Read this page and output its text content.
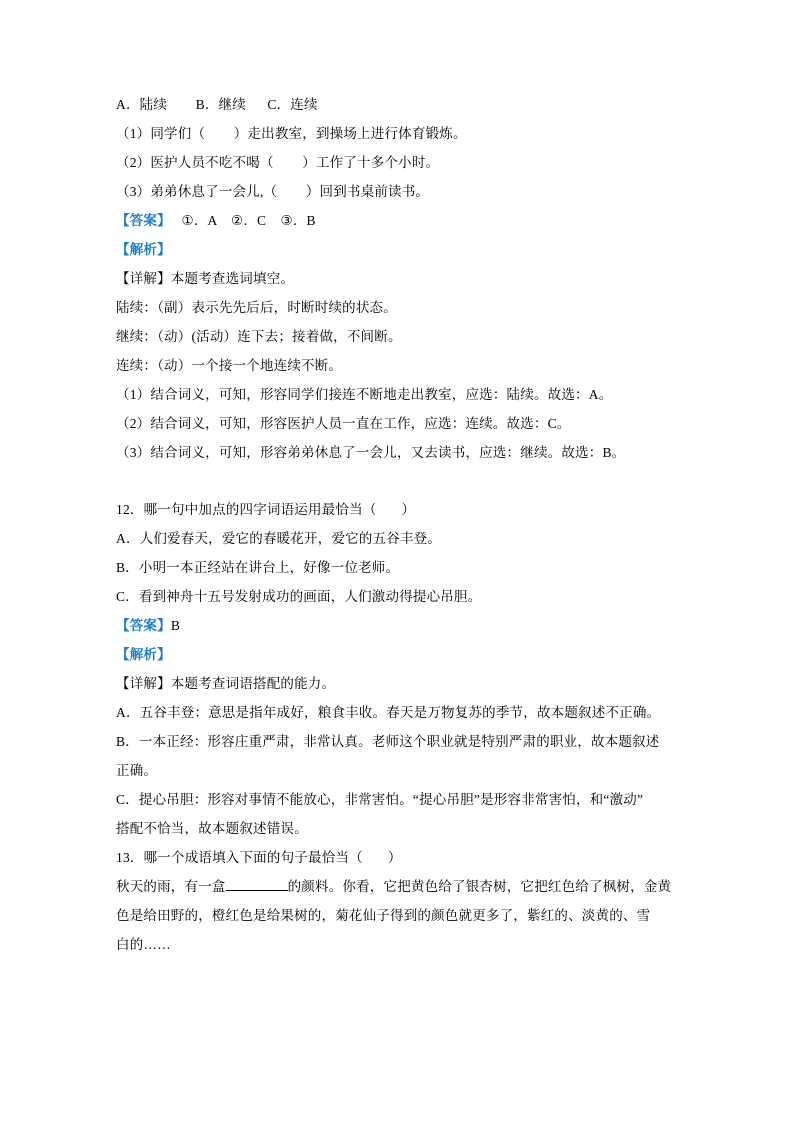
A．陆续        B．继续      C．连续
（1）同学们（        ）走出教室，到操场上进行体育锻炼。
（2）医护人员不吃不喝（        ）工作了十多个小时。
（3）弟弟休息了一会儿,（        ）回到书桌前读书。
【答案】   ①．A    ②．C    ③．B
【解析】
【详解】本题考查选词填空。
陆续：（副）表示先先后后，时断时续的状态。
继续：（动）(活动）连下去；接着做，不间断。
连续：（动）一个接一个地连续不断。
（1）结合词义，可知，形容同学们接连不断地走出教室，应选：陆续。故选：A。
（2）结合词义，可知，形容医护人员一直在工作，应选：连续。故选：C。
（3）结合词义，可知，形容弟弟休息了一会儿，又去读书，应选：继续。故选：B。
12．哪一句中加点的四字词语运用最恰当（       ）
A．人们爱春天，爱它的春暖花开，爱它的五谷丰登。
B．小明一本正经站在讲台上，好像一位老师。
C．看到神舟十五号发射成功的画面，人们激动得提心吊胆。
【答案】B
【解析】
【详解】本题考查词语搭配的能力。
A．五谷丰登：意思是指年成好，粮食丰收。春天是万物复苏的季节，故本题叙述不正确。
B．一本正经：形容庄重严肃，非常认真。老师这个职业就是特别严肃的职业，故本题叙述
正确。
C．提心吊胆：形容对事情不能放心，非常害怕。“提心吊胆”是形容非常害怕，和“激动”
搭配不恰当，故本题叙述错误。
13．哪一个成语填入下面的句子最恰当（       ）
秋天的雨，有一盒	的颜料。你看，它把黄色给了银杏树，它把红色给了枫树，金黄
色是给田野的，橙红色是给果树的，菊花仙子得到的颜色就更多了，紫红的、淡黄的、雪
白的……
